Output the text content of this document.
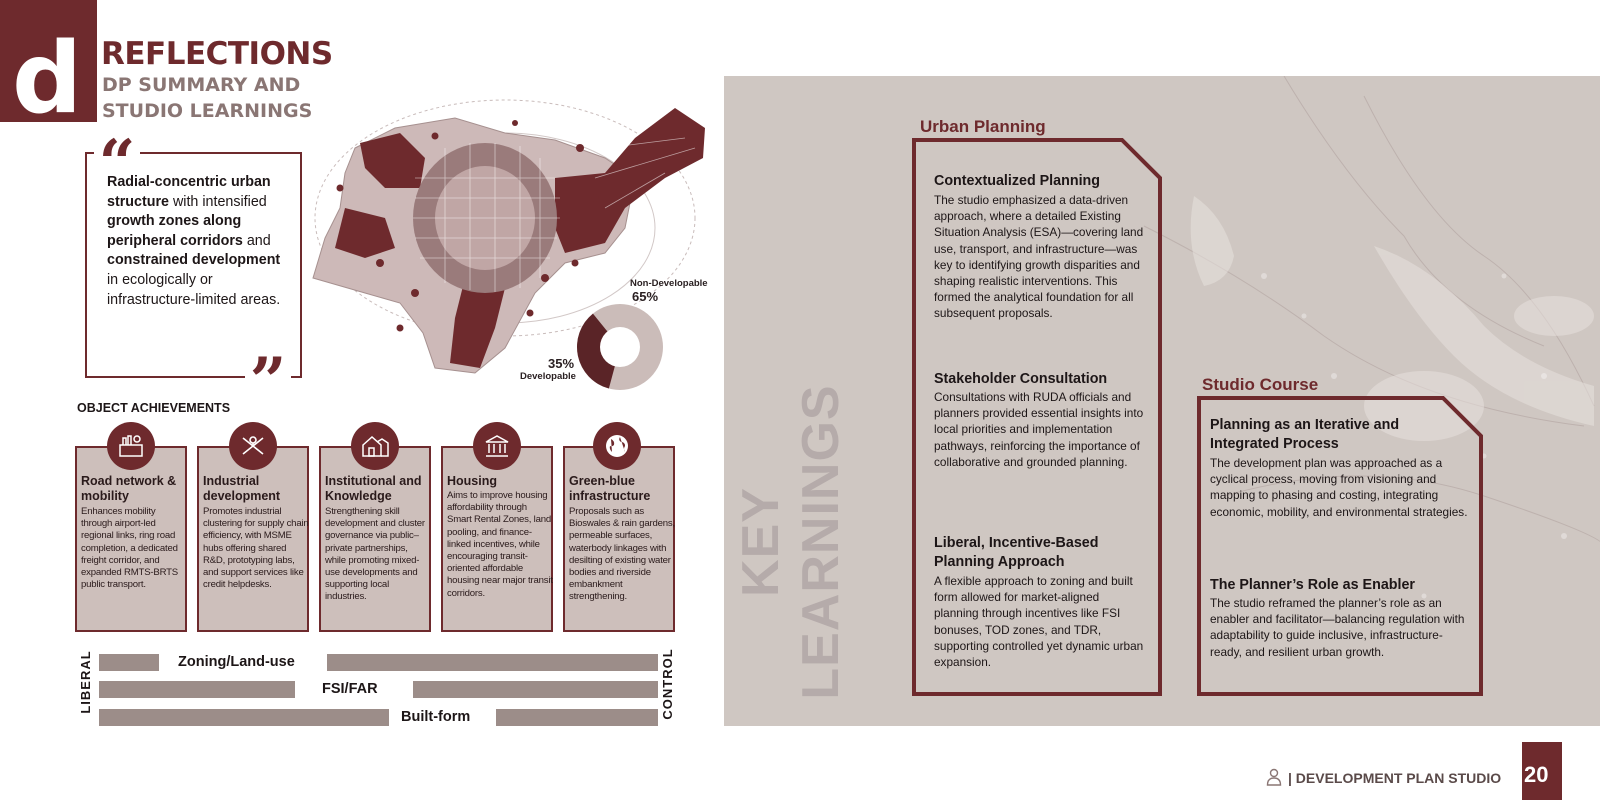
d REFLECTIONS
DP SUMMARY AND STUDIO LEARNINGS
“
”
Radial-concentric urban structure with intensified growth zones along peripheral corridors and constrained development in ecologically or infrastructure-limited areas.
Non-Developable
65%
35%
Developable
OBJECT ACHIEVEMENTS
Road network & mobility
Enhances mobility through airport-led regional links, ring road completion, a dedicated freight corridor, and expanded RMTS-BRTS public transport.
Industrial development
Promotes industrial clustering for supply chain efficiency, with MSME hubs offering shared R&D, prototyping labs, and support services like credit helpdesks.
Institutional and Knowledge
Strengthening skill development and cluster governance via public–private partnerships, while promoting mixed-use developments and supporting local industries.
Housing
Aims to improve housing affordability through Smart Rental Zones, land pooling, and finance-linked incentives, while encouraging transit-oriented affordable housing near major transit corridors.
Green-blue infrastructure
Proposals such as Bioswales & rain gardens, permeable surfaces, waterbody linkages with desilting of existing water bodies and riverside embankment strengthening.
LIBERAL	CONTROL
Zoning/Land-use
FSI/FAR
Built-form
KEY LEARNINGS
Urban Planning
Contextualized Planning
The studio emphasized a data-driven approach, where a detailed Existing Situation Analysis (ESA)—covering land use, transport, and infrastructure—was key to identifying growth disparities and shaping realistic interventions. This formed the analytical foundation for all subsequent proposals.
Stakeholder Consultation
Consultations with RUDA officials and planners provided essential insights into local priorities and implementation pathways, reinforcing the importance of collaborative and grounded planning.
Liberal, Incentive-Based Planning Approach
A flexible approach to zoning and built form allowed for market-aligned planning through incentives like FSI bonuses, TOD zones, and TDR, supporting controlled yet dynamic urban expansion.
Studio Course
Planning as an Iterative and Integrated Process
The development plan was approached as a cyclical process, moving from visioning and mapping to phasing and costing, integrating economic, mobility, and environmental strategies.
The Planner’s Role as Enabler
The studio reframed the planner’s role as an enabler and facilitator—balancing regulation with adaptability to guide inclusive, infrastructure-ready, and resilient urban growth.
| DEVELOPMENT PLAN STUDIO 20
